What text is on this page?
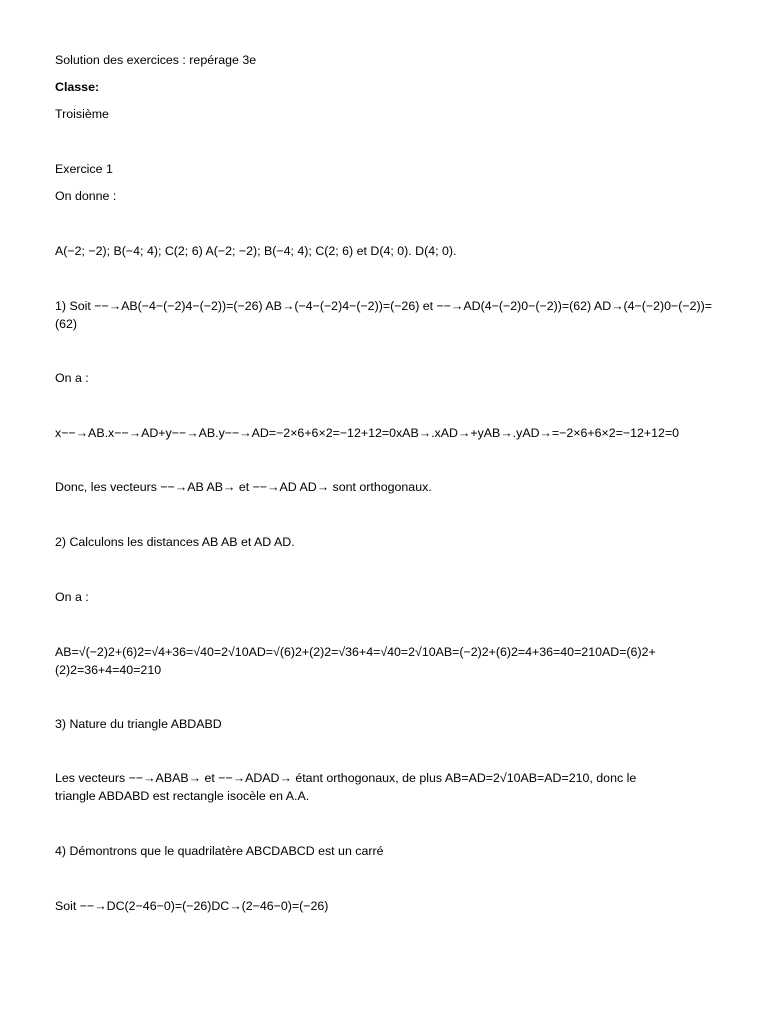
Solution des exercices : repérage 3e
Classe:
Troisième
Exercice 1
On donne :
A(−2; −2); B(−4; 4); C(2; 6) A(−2; −2); B(−4; 4); C(2; 6) et D(4; 0). D(4; 0).
1) Soit −−→AB(−4−(−2)4−(−2))=(−26) AB→(−4−(−2)4−(−2))=(−26) et −−→AD(4−(−2)0−(−2))=(62) AD→(4−(−2)0−(−2))=(62)
On a :
x−−→AB.x−−→AD+y−−→AB.y−−→AD=−2×6+6×2=−12+12=0xAB→.xAD→+yAB→.yAD→=−2×6+6×2=−12+12=0
Donc, les vecteurs −−→AB AB→ et −−→AD AD→ sont orthogonaux.
2) Calculons les distances AB AB et AD AD.
On a :
AB=√(−2)2+(6)2=√4+36=√40=2√10AD=√(6)2+(2)2=√36+4=√40=2√10AB=(−2)2+(6)2=4+36=40=210AD=(6)2+(2)2=36+4=40=210
3) Nature du triangle ABDABD
Les vecteurs −−→ABAB→ et −−→ADAD→ étant orthogonaux, de plus AB=AD=2√10AB=AD=210, donc le triangle ABDABD est rectangle isocèle en A.A.
4) Démontrons que le quadrilatère ABCDABCD est un carré
Soit −−→DC(2−46−0)=(−26)DC→(2−46−0)=(−26)
